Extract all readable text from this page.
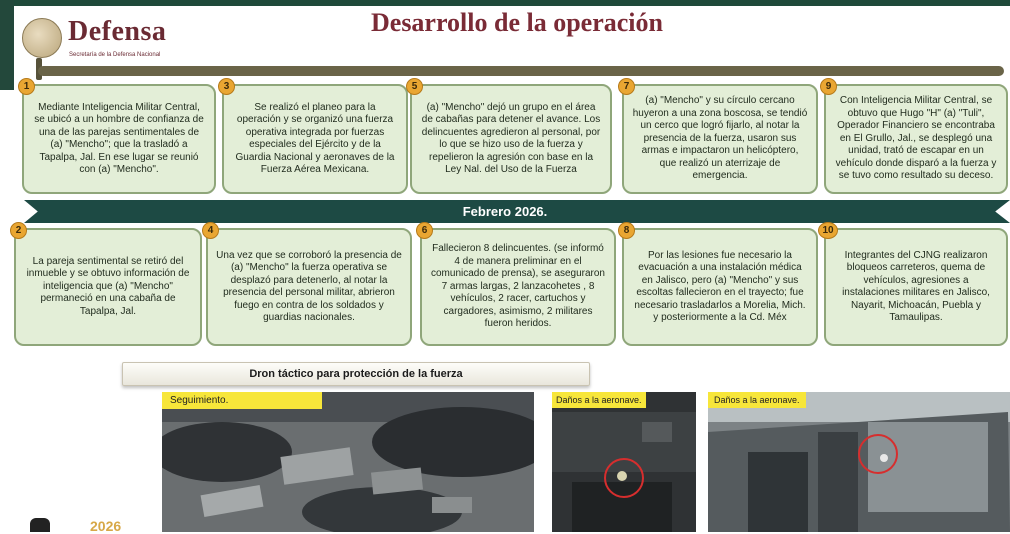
Defensa
Secretaría de la Defensa Nacional
Desarrollo de la operación
1
Mediante Inteligencia Militar Central, se ubicó a un hombre de confianza de una de las parejas sentimentales de (a) "Mencho"; que la trasladó a Tapalpa, Jal. En ese lugar se reunió con (a) "Mencho".
3
Se realizó el planeo para la operación y se organizó una fuerza operativa integrada por fuerzas especiales del Ejército y de la Guardia Nacional y aeronaves de la Fuerza Aérea Mexicana.
5
(a) "Mencho" dejó un grupo en el área de cabañas para detener el avance. Los delincuentes agredieron al personal, por lo que se hizo uso de la fuerza y repelieron la agresión con base en la Ley Nal. del Uso de la Fuerza
7
(a) "Mencho" y su círculo cercano huyeron a una zona boscosa, se tendió un cerco que logró fijarlo, al notar la presencia de la fuerza, usaron sus armas e impactaron un helicóptero, que realizó un aterrizaje de emergencia.
9
Con Inteligencia Militar Central, se obtuvo que Hugo "H" (a) "Tuli", Operador Financiero se encontraba en El Grullo, Jal., se desplegó una unidad, trató de escapar en un vehículo donde disparó a la fuerza y se tuvo como resultado su deceso.
Febrero 2026.
2
La pareja sentimental se retiró del inmueble y se obtuvo información de inteligencia que (a) "Mencho" permaneció en una cabaña de Tapalpa, Jal.
4
Una vez que se corroboró la presencia de (a) "Mencho" la fuerza operativa se desplazó para detenerlo, al notar la presencia del personal militar, abrieron fuego en contra de los soldados y guardias nacionales.
6
Fallecieron 8 delincuentes. (se informó 4 de manera preliminar en el comunicado de prensa), se aseguraron 7 armas largas, 2 lanzacohetes , 8 vehículos, 2 racer, cartuchos y cargadores, asimismo, 2 militares fueron heridos.
8
Por las lesiones fue necesario la evacuación a una instalación médica en Jalisco, pero (a) "Mencho" y sus escoltas fallecieron en el trayecto; fue necesario trasladarlos a Morelia, Mich. y posteriormente a la Cd. Méx
10
Integrantes del CJNG realizaron bloqueos carreteros, quema de vehículos, agresiones a instalaciones militares en Jalisco, Nayarit, Michoacán, Puebla y Tamaulipas.
Dron táctico para protección de la fuerza
Seguimiento.	Daños a la aeronave.	Daños a la aeronave.
2026
